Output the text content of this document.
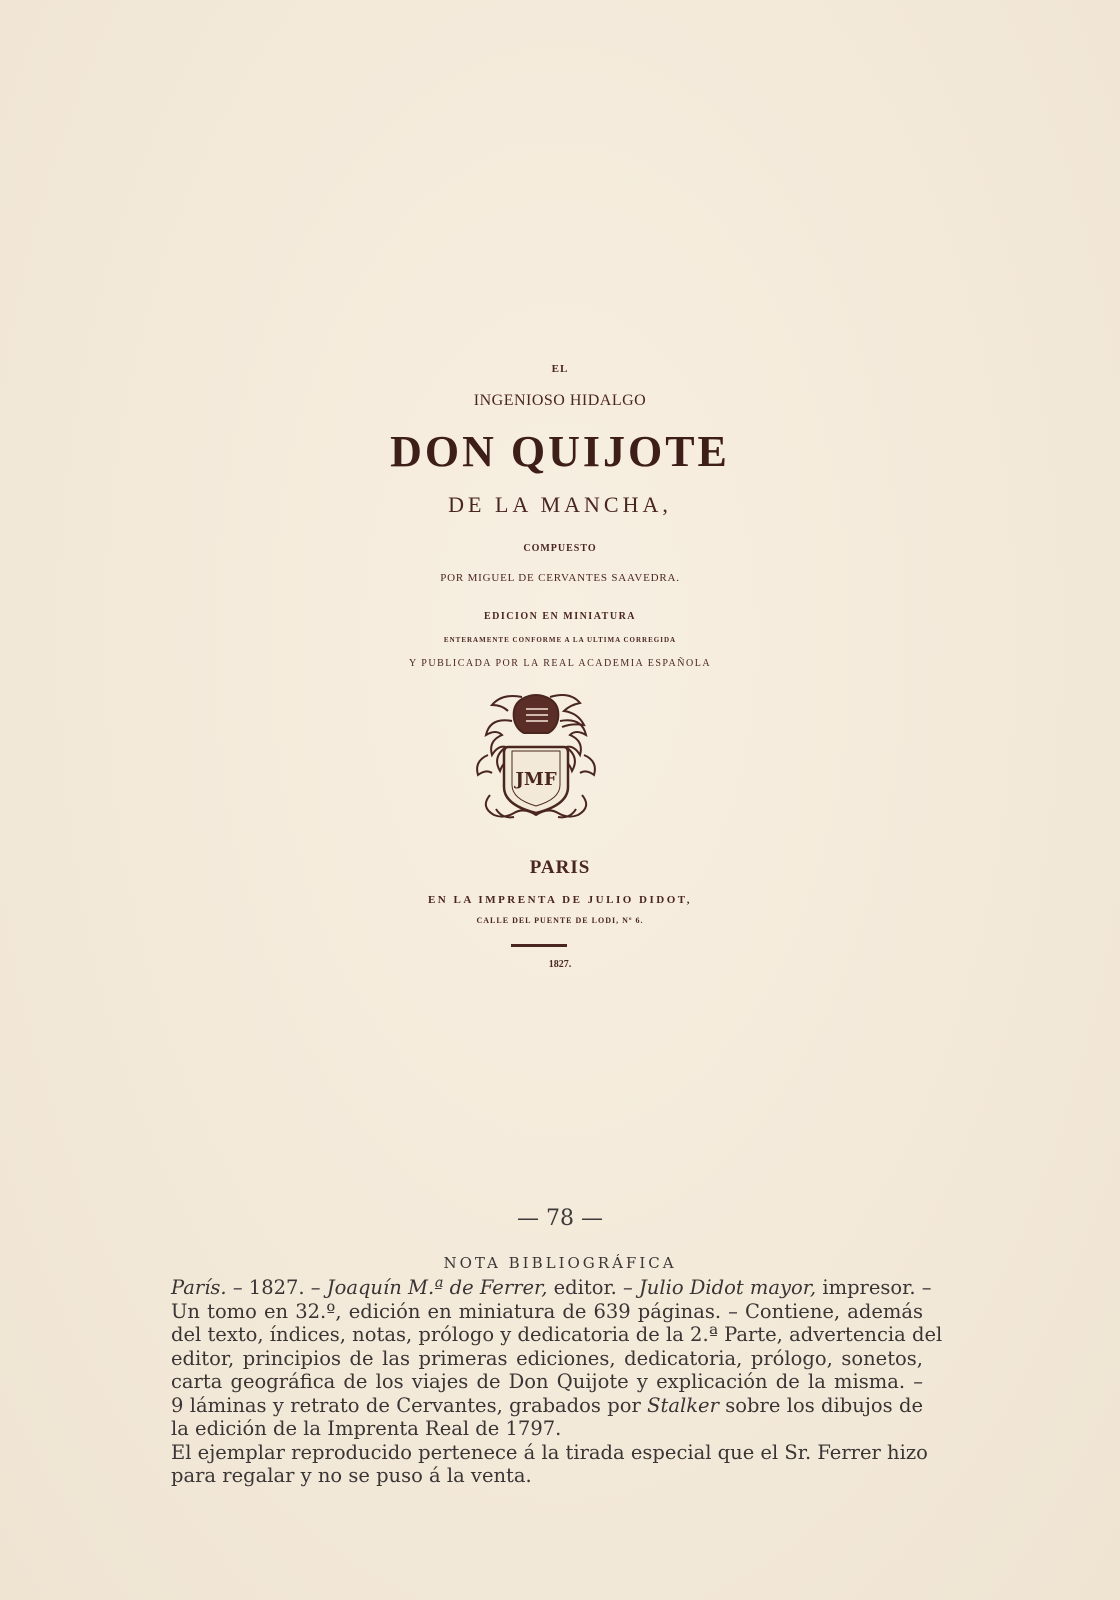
EL
INGENIOSO HIDALGO
DON QUIJOTE
DE LA MANCHA,
COMPUESTO
POR MIGUEL DE CERVANTES SAAVEDRA.
EDICION EN MINIATURA
ENTERAMENTE CONFORME A LA ULTIMA CORREGIDA
Y PUBLICADA POR LA REAL ACADEMIA ESPAÑOLA
JMF
PARIS
EN LA IMPRENTA DE JULIO DIDOT,
CALLE DEL PUENTE DE LODI, Nº 6.
1827.
— 78 —
NOTA BIBLIOGRÁFICA
París. – 1827. – Joaquín M.ª de Ferrer, editor. – Julio Didot mayor, impresor. –
Un tomo en 32.º, edición en miniatura de 639 páginas. – Contiene, además
del texto, índices, notas, prólogo y dedicatoria de la 2.ª Parte, advertencia del
editor, principios de las primeras ediciones, dedicatoria, prólogo, sonetos,
carta geográfica de los viajes de Don Quijote y explicación de la misma. –
9 láminas y retrato de Cervantes, grabados por Stalker sobre los dibujos de
la edición de la Imprenta Real de 1797.
El ejemplar reproducido pertenece á la tirada especial que el Sr. Ferrer hizo
para regalar y no se puso á la venta.
